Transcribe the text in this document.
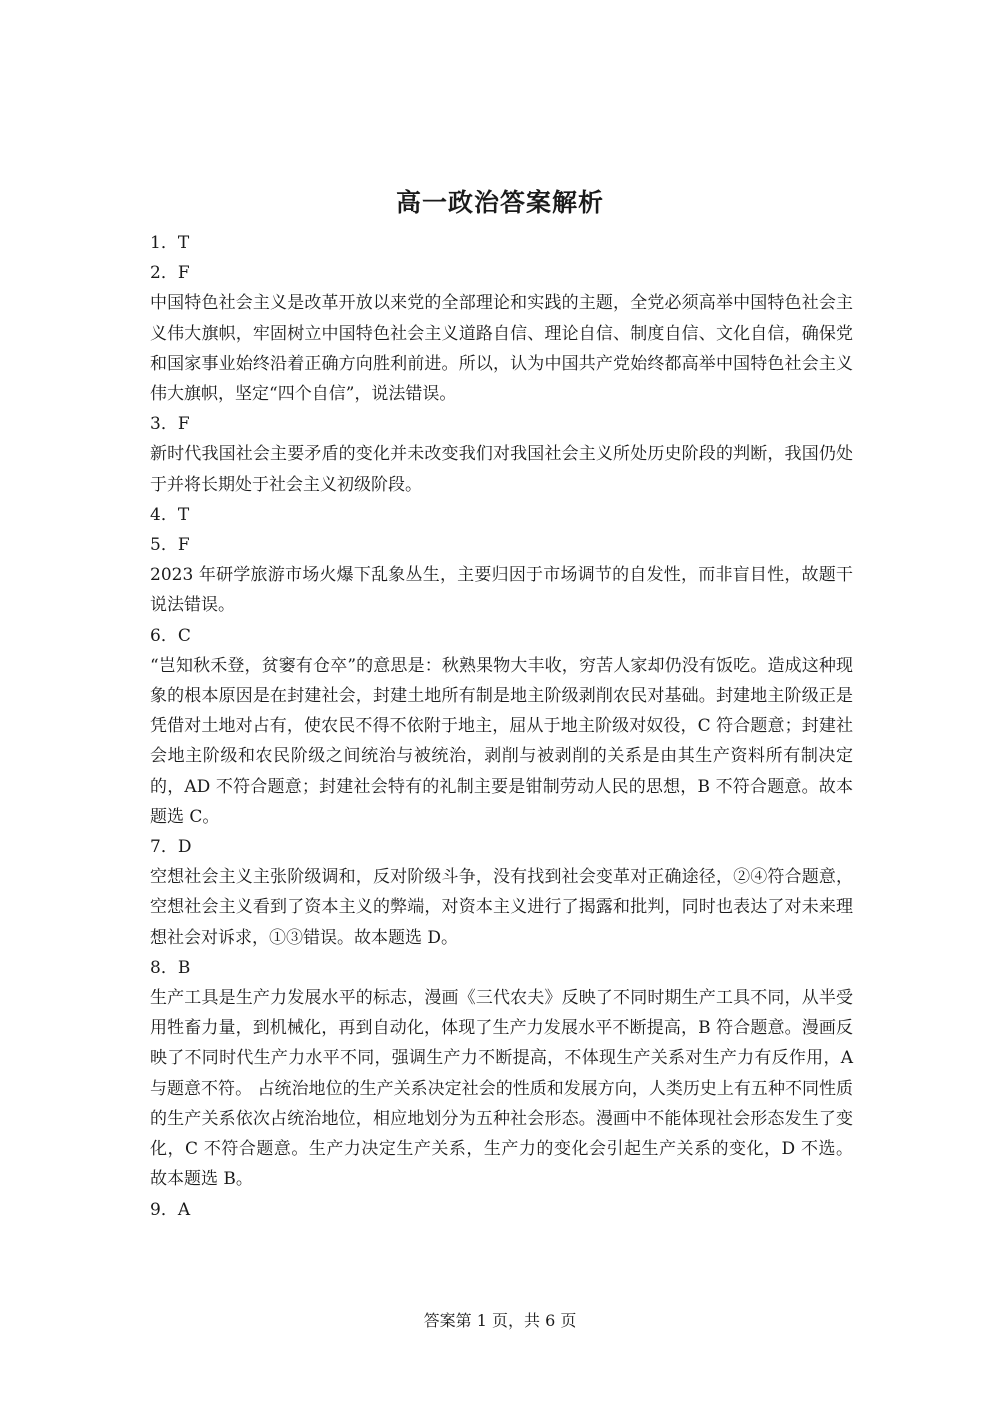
高一政治答案解析

1．T

2．F

中国特色社会主义是改革开放以来党的全部理论和实践的主题，全党必须高举中国特色社会主义伟大旗帜，牢固树立中国特色社会主义道路自信、理论自信、制度自信、文化自信，确保党和国家事业始终沿着正确方向胜利前进。所以，认为中国共产党始终都高举中国特色社会主义伟大旗帜，坚定“四个自信”，说法错误。

3．F

新时代我国社会主要矛盾的变化并未改变我们对我国社会主义所处历史阶段的判断，我国仍处于并将长期处于社会主义初级阶段。

4．T

5．F

2023 年研学旅游市场火爆下乱象丛生，主要归因于市场调节的自发性，而非盲目性，故题干说法错误。

6．C

“岂知秋禾登，贫窭有仓卒”的意思是：秋熟果物大丰收，穷苦人家却仍没有饭吃。造成这种现象的根本原因是在封建社会，封建土地所有制是地主阶级剥削农民对基础。封建地主阶级正是凭借对土地对占有，使农民不得不依附于地主，屈从于地主阶级对奴役，C 符合题意；封建社会地主阶级和农民阶级之间统治与被统治，剥削与被剥削的关系是由其生产资料所有制决定的，AD 不符合题意；封建社会特有的礼制主要是钳制劳动人民的思想，B 不符合题意。故本题选 C。

7．D

空想社会主义主张阶级调和，反对阶级斗争，没有找到社会变革对正确途径，②④符合题意，空想社会主义看到了资本主义的弊端，对资本主义进行了揭露和批判，同时也表达了对未来理想社会对诉求，①③错误。故本题选 D。

8．B

生产工具是生产力发展水平的标志，漫画《三代农夫》反映了不同时期生产工具不同，从半受用牲畜力量，到机械化，再到自动化，体现了生产力发展水平不断提高，B 符合题意。漫画反映了不同时代生产力水平不同，强调生产力不断提高，不体现生产关系对生产力有反作用，A 与题意不符。 占统治地位的生产关系决定社会的性质和发展方向，人类历史上有五种不同性质的生产关系依次占统治地位，相应地划分为五种社会形态。漫画中不能体现社会形态发生了变化，C 不符合题意。生产力决定生产关系，生产力的变化会引起生产关系的变化，D 不选。 故本题选 B。

9．A

答案第 1 页，共 6 页
